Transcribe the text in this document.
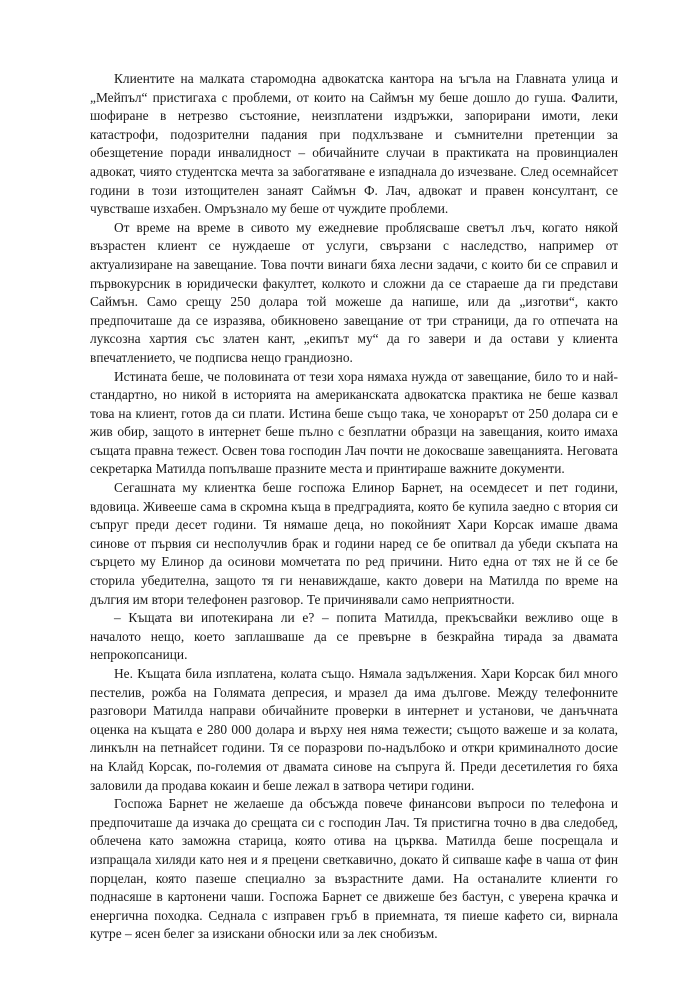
Клиентите на малката старомодна адвокатска кантора на ъгъла на Главната улица и „Мейпъл“ пристигаха с проблеми, от които на Саймън му беше дошло до гуша. Фалити, шофиране в нетрезво състояние, неизплатени издръжки, запорирани имоти, леки катастрофи, подозрителни падания при подхлъзване и съмнителни претенции за обезщетение поради инвалидност – обичайните случаи в практиката на провинциален адвокат, чиято студентска мечта за забогатяване е изпаднала до изчезване. След осемнайсет години в този изтощителен занаят Саймън Ф. Лач, адвокат и правен консултант, се чувстваше изхабен. Омръзнало му беше от чуждите проблеми.

От време на време в сивото му ежедневие проблясваше светъл лъч, когато някой възрастен клиент се нуждаеше от услуги, свързани с наследство, например от актуализиране на завещание. Това почти винаги бяха лесни задачи, с които би се справил и първокурсник в юридически факултет, колкото и сложни да се стараеше да ги представи Саймън. Само срещу 250 долара той можеше да напише, или да „изготви“, както предпочиташе да се изразява, обикновено завещание от три страници, да го отпечата на луксозна хартия със златен кант, „екипът му“ да го завери и да остави у клиента впечатлението, че подписва нещо грандиозно.

Истината беше, че половината от тези хора нямаха нужда от завещание, било то и най-стандартно, но никой в историята на американската адвокатска практика не беше казвал това на клиент, готов да си плати. Истина беше също така, че хонорарът от 250 долара си е жив обир, защото в интернет беше пълно с безплатни образци на завещания, които имаха същата правна тежест. Освен това господин Лач почти не докосваше завещанията. Неговата секретарка Матилда попълваше празните места и принтираше важните документи.

Сегашната му клиентка беше госпожа Елинор Барнет, на осемдесет и пет години, вдовица. Живееше сама в скромна къща в предградията, която бе купила заедно с втория си съпруг преди десет години. Тя нямаше деца, но покойният Хари Корсак имаше двама синове от първия си несполучлив брак и години наред се бе опитвал да убеди скъпата на сърцето му Елинор да осинови момчетата по ред причини. Нито една от тях не й се бе сторила убедителна, защото тя ги ненавиждаше, както довери на Матилда по време на дългия им втори телефонен разговор. Те причинявали само неприятности.

– Къщата ви ипотекирана ли е? – попита Матилда, прекъсвайки вежливо още в началото нещо, което заплашваше да се превърне в безкрайна тирада за двамата непрокопсаници.

Не. Къщата била изплатена, колата също. Нямала задължения. Хари Корсак бил много пестелив, рожба на Голямата депресия, и мразел да има дългове. Между телефонните разговори Матилда направи обичайните проверки в интернет и установи, че данъчната оценка на къщата е 280 000 долара и върху нея няма тежести; същото важеше и за колата, линкълн на петнайсет години. Тя се поразрови по-надълбоко и откри криминалното досие на Клайд Корсак, по-големия от двамата синове на съпруга й. Преди десетилетия го бяха заловили да продава кокаин и беше лежал в затвора четири години.

Госпожа Барнет не желаеше да обсъжда повече финансови въпроси по телефона и предпочиташе да изчака до срещата си с господин Лач. Тя пристигна точно в два следобед, облечена като заможна старица, която отива на църква. Матилда беше посрещала и изпращала хиляди като нея и я прецени светкавично, докато й сипваше кафе в чаша от фин порцелан, която пазеше специално за възрастните дами. На останалите клиенти го поднасяше в картонени чаши. Госпожа Барнет се движеше без бастун, с уверена крачка и енергична походка. Седнала с изправен гръб в приемната, тя пиеше кафето си, вирнала кутре – ясен белег за изискани обноски или за лек снобизъм.
